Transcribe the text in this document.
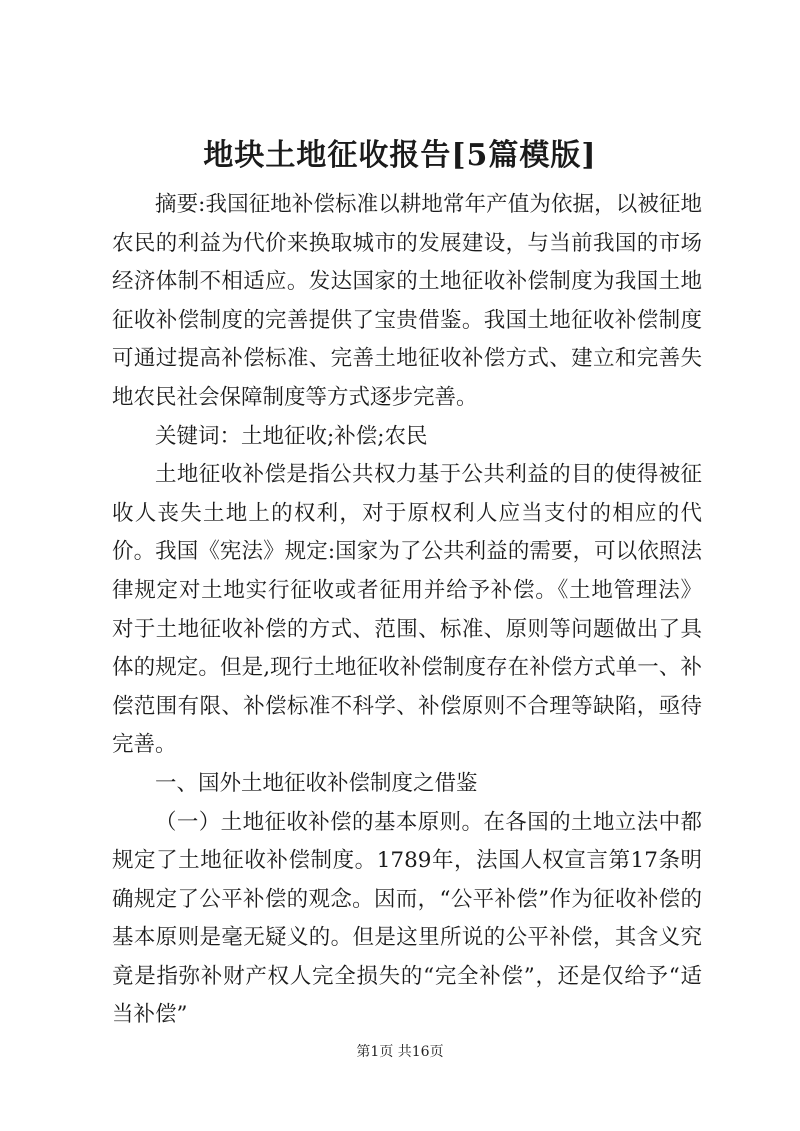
地块土地征收报告[5篇模版]

摘要:我国征地补偿标准以耕地常年产值为依据，以被征地农民的利益为代价来换取城市的发展建设，与当前我国的市场经济体制不相适应。发达国家的土地征收补偿制度为我国土地征收补偿制度的完善提供了宝贵借鉴。我国土地征收补偿制度可通过提高补偿标准、完善土地征收补偿方式、建立和完善失地农民社会保障制度等方式逐步完善。

关键词：土地征收;补偿;农民

土地征收补偿是指公共权力基于公共利益的目的使得被征收人丧失土地上的权利，对于原权利人应当支付的相应的代价。我国《宪法》规定:国家为了公共利益的需要，可以依照法律规定对土地实行征收或者征用并给予补偿。《土地管理法》对于土地征收补偿的方式、范围、标准、原则等问题做出了具体的规定。但是,现行土地征收补偿制度存在补偿方式单一、补偿范围有限、补偿标准不科学、补偿原则不合理等缺陷，亟待完善。

一、国外土地征收补偿制度之借鉴

（一）土地征收补偿的基本原则。在各国的土地立法中都规定了土地征收补偿制度。1789年，法国人权宣言第17条明确规定了公平补偿的观念。因而，“公平补偿”作为征收补偿的基本原则是毫无疑义的。但是这里所说的公平补偿，其含义究竟是指弥补财产权人完全损失的“完全补偿”，还是仅给予“适当补偿”

第1页 共16页
